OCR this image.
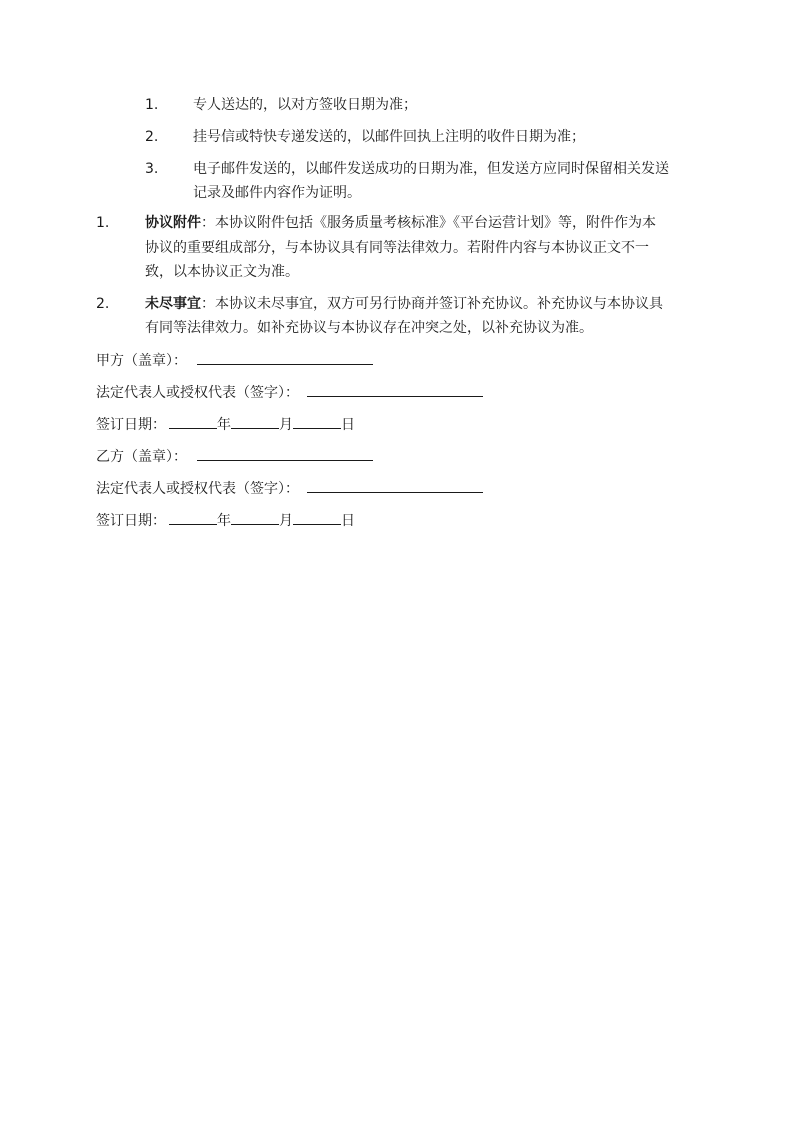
1. 专人送达的，以对方签收日期为准；
2. 挂号信或特快专递发送的，以邮件回执上注明的收件日期为准；
3. 电子邮件发送的，以邮件发送成功的日期为准，但发送方应同时保留相关发送
记录及邮件内容作为证明。
1.	协议附件：本协议附件包括《服务质量考核标准》《平台运营计划》等，附件作为本
协议的重要组成部分，与本协议具有同等法律效力。若附件内容与本协议正文不一
致，以本协议正文为准。
2.	未尽事宜：本协议未尽事宜，双方可另行协商并签订补充协议。补充协议与本协议具
有同等法律效力。如补充协议与本协议存在冲突之处，以补充协议为准。
甲方（盖章）：
法定代表人或授权代表（签字）：
签订日期：	年	月	日
乙方（盖章）：
法定代表人或授权代表（签字）：
签订日期：	年	月	日
